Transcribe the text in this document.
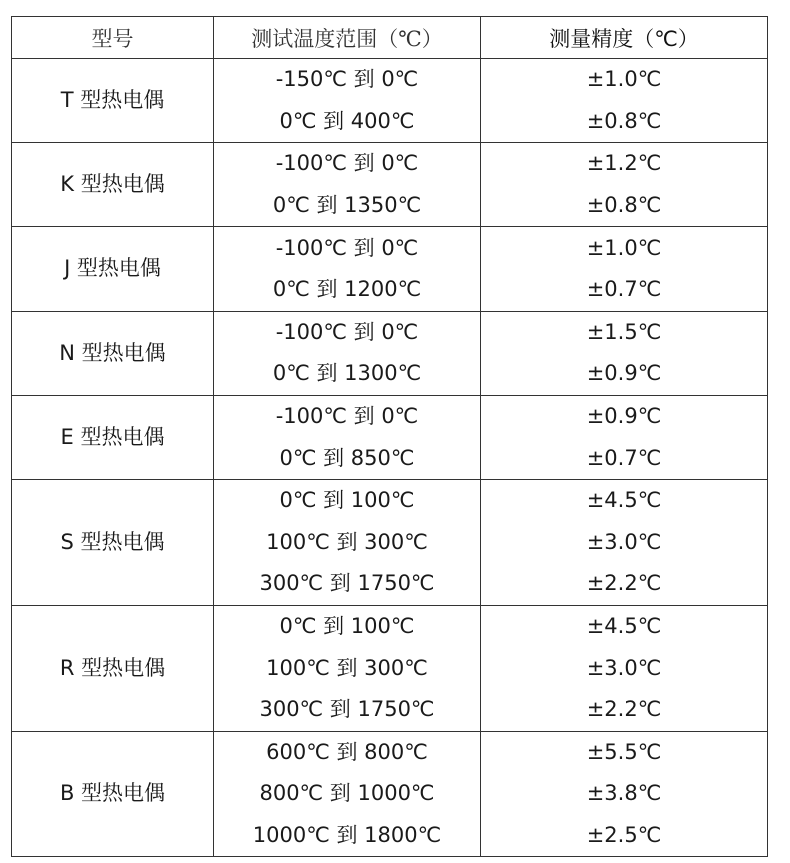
型号	测试温度范围（℃）	测量精度（℃）
T 型热电偶	-150℃ 到 0℃	±1.0℃
	0℃ 到 400℃	±0.8℃
K 型热电偶	-100℃ 到 0℃	±1.2℃
	0℃ 到 1350℃	±0.8℃
J 型热电偶	-100℃ 到 0℃	±1.0℃
	0℃ 到 1200℃	±0.7℃
N 型热电偶	-100℃ 到 0℃	±1.5℃
	0℃ 到 1300℃	±0.9℃
E 型热电偶	-100℃ 到 0℃	±0.9℃
	0℃ 到 850℃	±0.7℃
S 型热电偶	0℃ 到 100℃	±4.5℃
	100℃ 到 300℃	±3.0℃
	300℃ 到 1750℃	±2.2℃
R 型热电偶	0℃ 到 100℃	±4.5℃
	100℃ 到 300℃	±3.0℃
	300℃ 到 1750℃	±2.2℃
B 型热电偶	600℃ 到 800℃	±5.5℃
	800℃ 到 1000℃	±3.8℃
	1000℃ 到 1800℃	±2.5℃
